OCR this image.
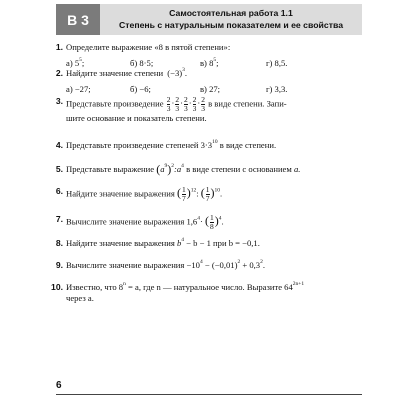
В 3	Самостоятельная работа 1.1
Степень с натуральным показателем и ее свойства
1. Определите выражение «8 в пятой степени»:
а) $5^5$;	б) 8·5;	в) $8^5$;	г) 8,5.
2. Найдите значение степени $(-3)^3$.
а) −27;	б) −6;	в) 27;	г) 3,3.
3. Представьте произведение $\frac{2}{3} \cdot \frac{2}{3} \cdot \frac{2}{3} \cdot \frac{2}{3} \cdot \frac{2}{3}$ в виде степени. Запи-
шите основание и показатель степени.
4. Представьте произведение степеней $3\cdot 3^{10}$ в виде степени.
5. Представьте выражение $(a^9)^2:a^4$ в виде степени с основанием a.
6. Найдите значение выражения ( $\frac{1}{7} )^{12}$: ( $\frac{1}{7} )^{10}$.
7. Вычислите значение выражения $1,6^4\cdot$ ( $\frac{1}{8} )^4$.
8. Найдите значение выражения $b^4 - b - 1$ при b = −0,1.
9. Вычислите значение выражения $-10^4 - (-0,01)^2 + 0,3^2$.
10. Известно, что $8^n = a$, где n — натуральное число. Выразите $64^{2n+1}$
через a.
6
